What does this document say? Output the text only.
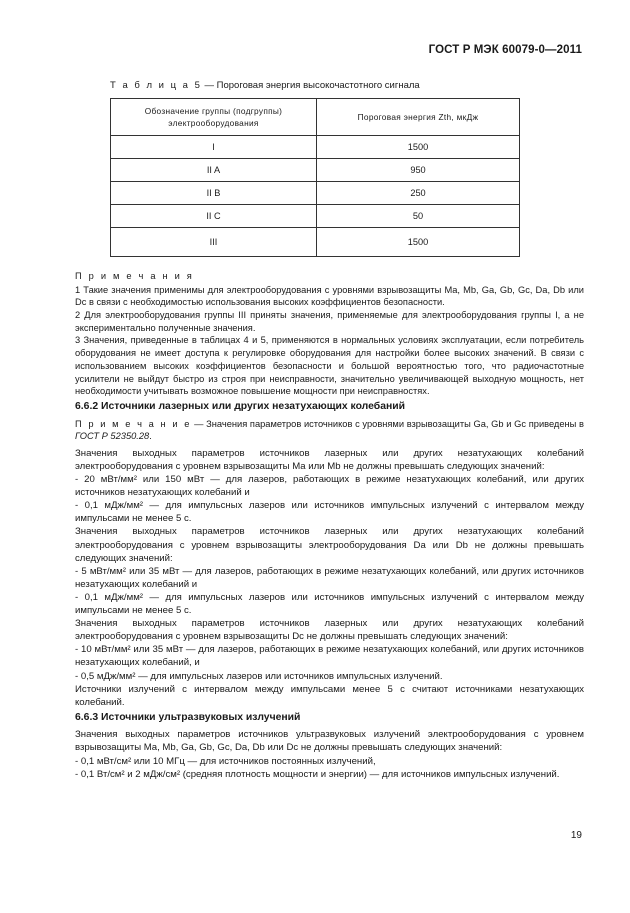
ГОСТ Р МЭК 60079-0—2011
Т а б л и ц а 5 — Пороговая энергия высокочастотного сигнала
Обозначение группы (подгруппы) электрооборудования	Пороговая энергия Zth, мкДж
I	1500
II A	950
II B	250
II C	50
III	1500

П р и м е ч а н и я

1 Такие значения применимы для электрооборудования с уровнями взрывозащиты Ma, Mb, Ga, Gb, Gc, Da, Db или Dc в связи с необходимостью использования высоких коэффициентов безопасности.

2 Для электрооборудования группы III приняты значения, применяемые для электрооборудования группы I, а не экспериментально полученные значения.

3 Значения, приведенные в таблицах 4 и 5, применяются в нормальных условиях эксплуатации, если потребитель оборудования не имеет доступа к регулировке оборудования для настройки более высоких значений. В связи с использованием высоких коэффициентов безопасности и большой вероятностью того, что радиочастотные усилители не выйдут быстро из строя при неисправности, значительно увеличивающей выходную мощность, нет необходимости учитывать возможное повышение мощности при неисправностях.

6.6.2 Источники лазерных или других незатухающих колебаний

П р и м е ч а н и е — Значения параметров источников с уровнями взрывозащиты Ga, Gb и Gc приведены в ГОСТ Р 52350.28.

Значения выходных параметров источников лазерных или других незатухающих колебаний электрооборудования с уровнем взрывозащиты Ma или Mb не должны превышать следующих значений:

- 20 мВт/мм² или 150 мВт — для лазеров, работающих в режиме незатухающих колебаний, или других источников незатухающих колебаний и

- 0,1 мДж/мм² — для импульсных лазеров или источников импульсных излучений с интервалом между импульсами не менее 5 с.

Значения выходных параметров источников лазерных или других незатухающих колебаний электрооборудования с уровнем взрывозащиты электрооборудования Da или Db не должны превышать следующих значений:

- 5 мВт/мм² или 35 мВт — для лазеров, работающих в режиме незатухающих колебаний, или других источников незатухающих колебаний и

- 0,1 мДж/мм² — для импульсных лазеров или источников импульсных излучений с интервалом между импульсами не менее 5 с.

Значения выходных параметров источников лазерных или других незатухающих колебаний электрооборудования с уровнем взрывозащиты Dc не должны превышать следующих значений:

- 10 мВт/мм² или 35 мВт — для лазеров, работающих в режиме незатухающих колебаний, или других источников незатухающих колебаний, и

- 0,5 мДж/мм² — для импульсных лазеров или источников импульсных излучений.

Источники излучений с интервалом между импульсами менее 5 с считают источниками незатухающих колебаний.

6.6.3 Источники ультразвуковых излучений

Значения выходных параметров источников ультразвуковых излучений электрооборудования с уровнем взрывозащиты Ma, Mb, Ga, Gb, Gc, Da, Db или Dc не должны превышать следующих значений:

- 0,1 мВт/см² или 10 МГц — для источников постоянных излучений,

- 0,1 Вт/см² и 2 мДж/см² (средняя плотность мощности и энергии) — для источников импульсных излучений.

19
